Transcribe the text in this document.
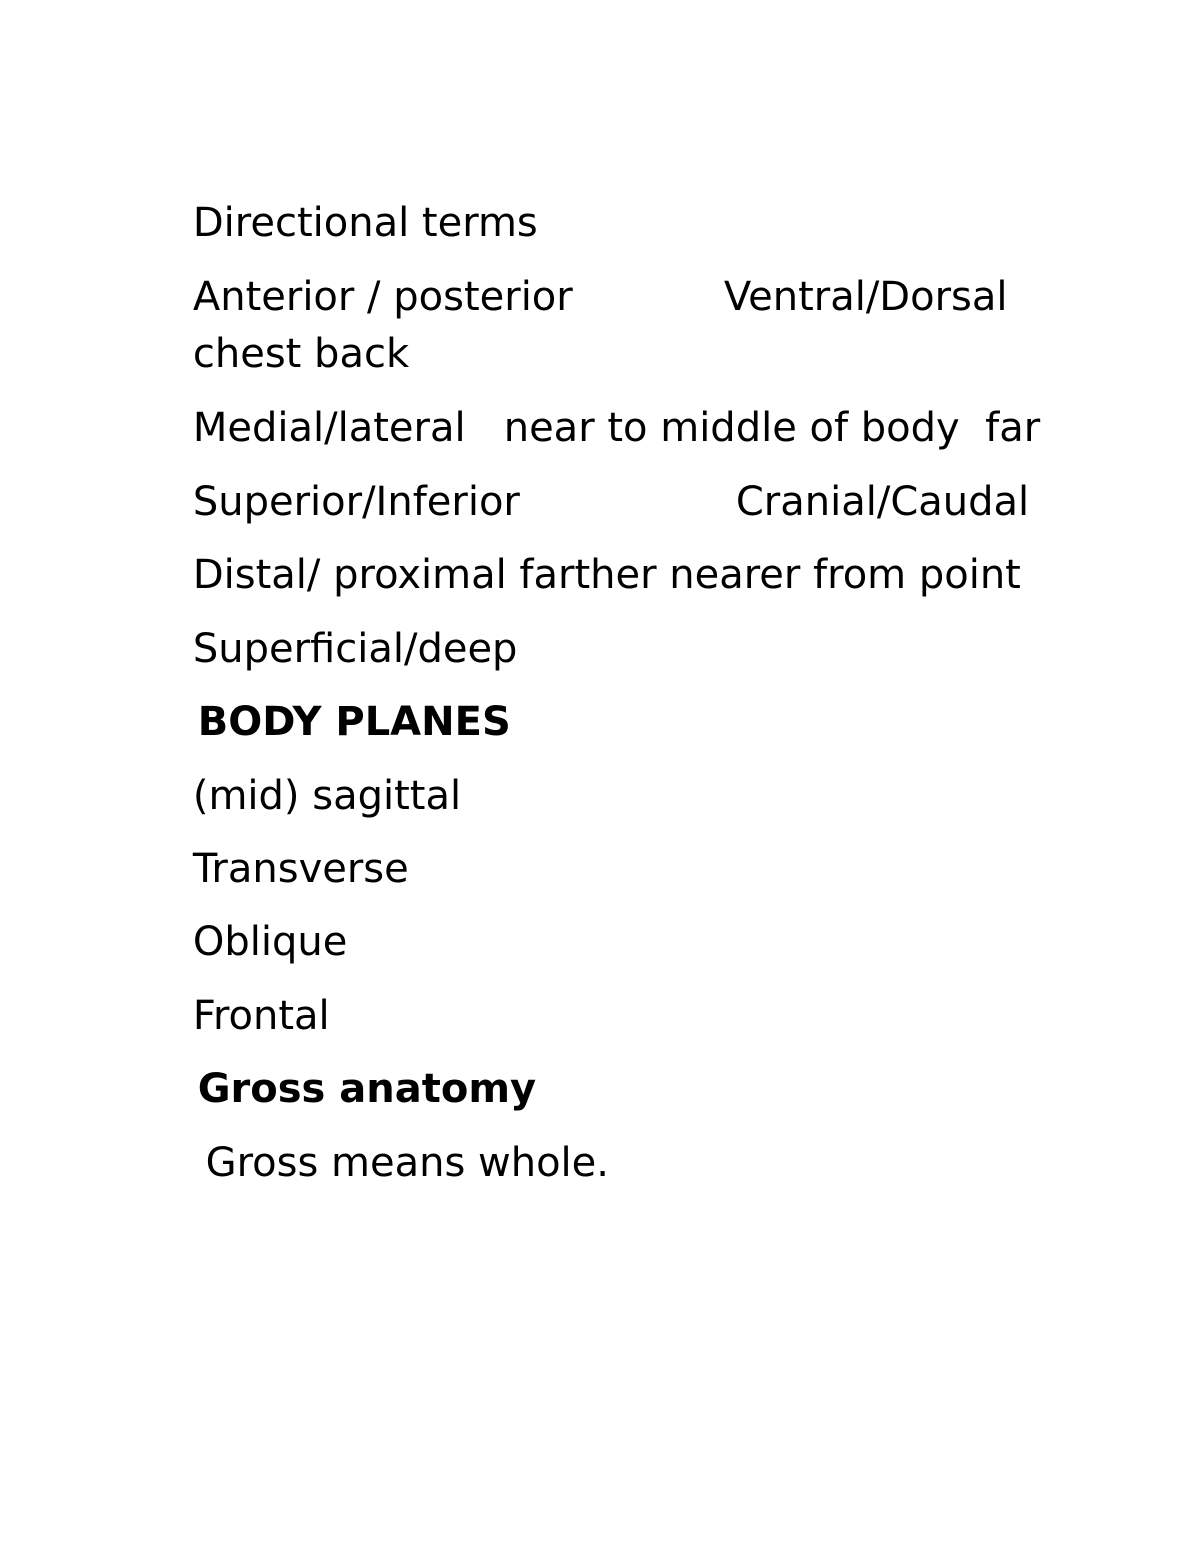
Directional terms

Anterior / posterior
	Ventral/Dorsal

chest back

Medial/lateral   near to middle of body  far

Superior/Inferior
	Cranial/Caudal

Distal/ proximal farther nearer from point

Superficial/deep

BODY PLANES

(mid) sagittal

Transverse

Oblique

Frontal

Gross anatomy

Gross means whole.
